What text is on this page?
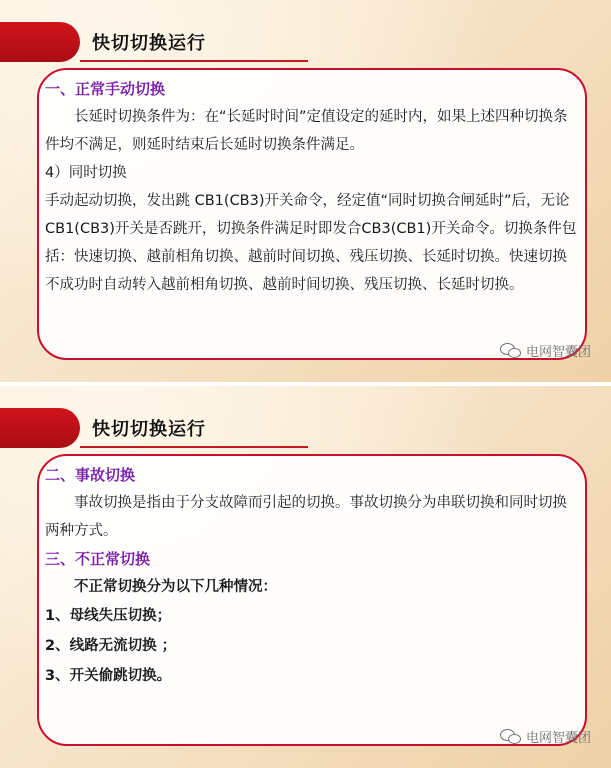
快切切换运行

一、正常手动切换

长延时切换条件为：在“长延时时间”定值设定的延时内，如果上述四种切换条件均不满足，则延时结束后长延时切换条件满足。

4）同时切换

手动起动切换，发出跳 CB1(CB3)开关命令，经定值“同时切换合闸延时”后，无论 CB1(CB3)开关是否跳开，切换条件满足时即发合CB3(CB1)开关命令。切换条件包括：快速切换、越前相角切换、越前时间切换、残压切换、长延时切换。快速切换不成功时自动转入越前相角切换、越前时间切换、残压切换、长延时切换。

电网智囊团
快切切换运行

二、事故切换

事故切换是指由于分支故障而引起的切换。事故切换分为串联切换和同时切换两种方式。

三、不正常切换

不正常切换分为以下几种情况：

1、母线失压切换；

2、线路无流切换 ；

3、开关偷跳切换。

电网智囊团
